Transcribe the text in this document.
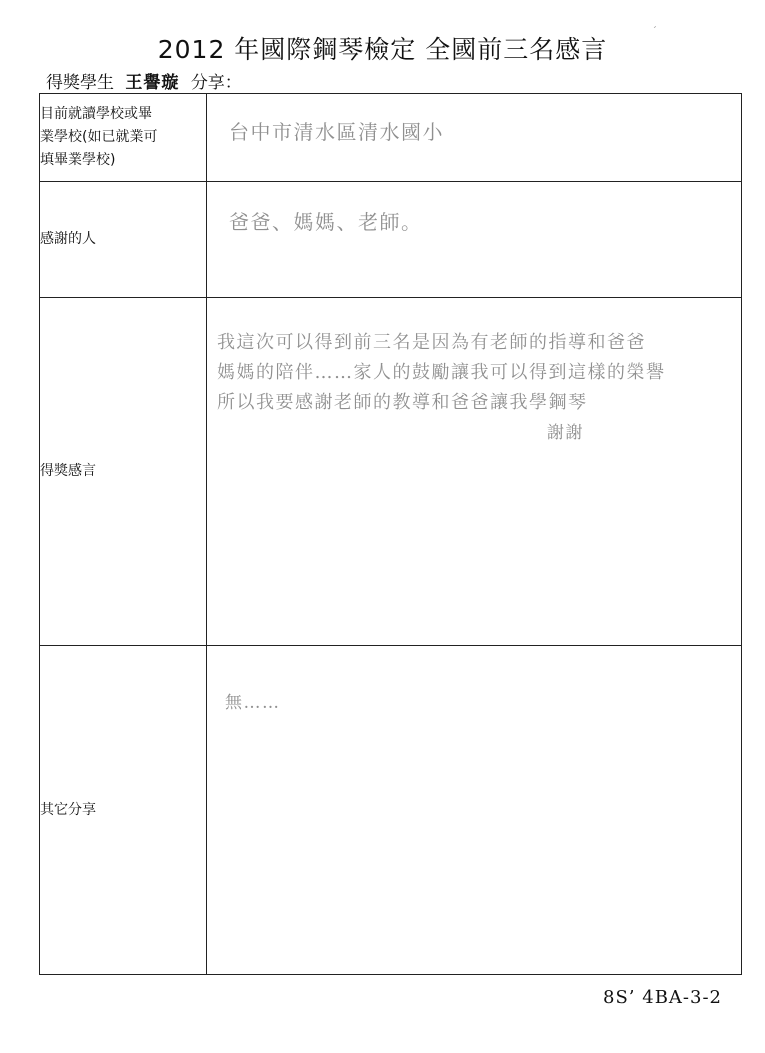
2012 年國際鋼琴檢定 全國前三名感言
ˊ
得獎學生 王譽璇 分享：
目前就讀學校或畢
業學校(如已就業可
填畢業學校)	台中市清水區清水國小

感謝的人	爸爸、媽媽、老師。

得獎感言	我這次可以得到前三名是因為有老師的指導和爸爸
媽媽的陪伴……家人的鼓勵讓我可以得到這樣的榮譽
所以我要感謝老師的教導和爸爸讓我學鋼琴
謝謝

其它分享	無……
8S’ 4BA-3-2
